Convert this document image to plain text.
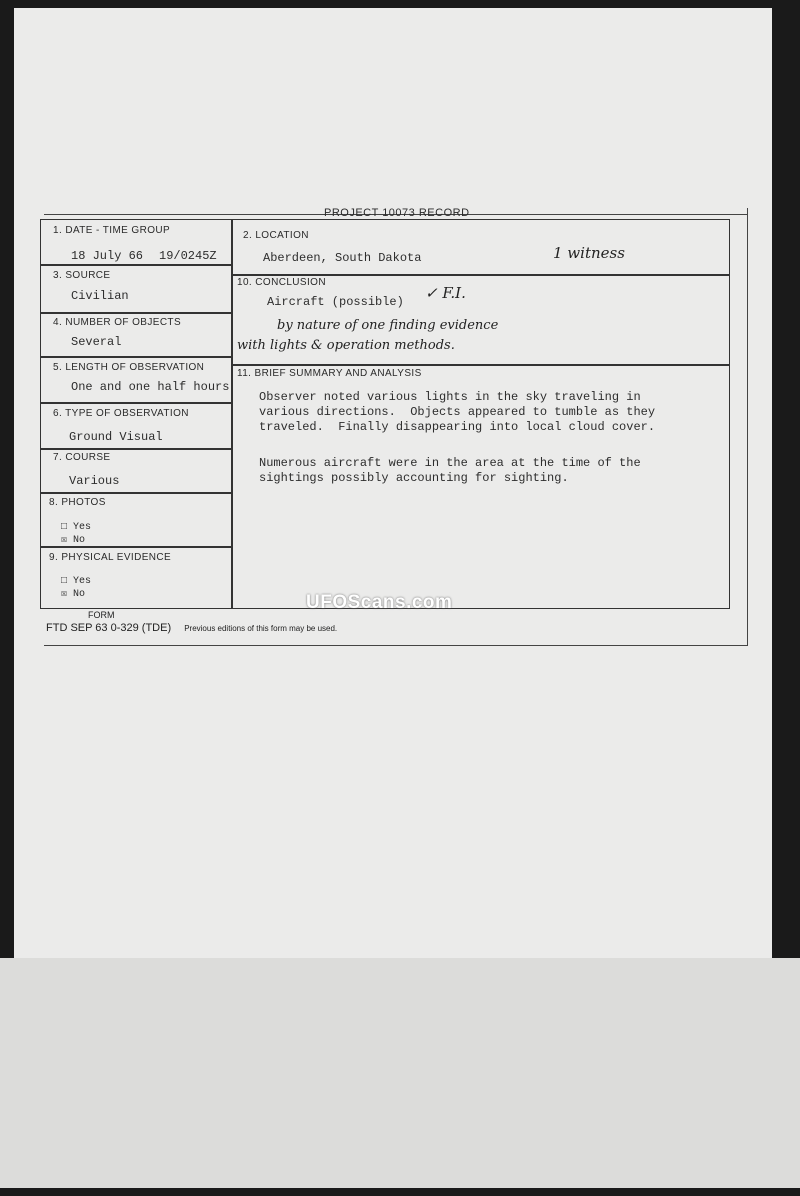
PROJECT 10073 RECORD
1. DATE - TIME GROUP
18 July 66 19/0245Z
3. SOURCE
Civilian
4. NUMBER OF OBJECTS
Several
5. LENGTH OF OBSERVATION
One and one half hours
6. TYPE OF OBSERVATION
Ground Visual
7. COURSE
Various
8. PHOTOS
□ Yes
☒ No
9. PHYSICAL EVIDENCE
□ Yes
☒ No
2. LOCATION
Aberdeen, South Dakota	1 witness
10. CONCLUSION
Aircraft (possible) ✓ F.I.
by nature of one finding evidence
with lights & operation methods.
11. BRIEF SUMMARY AND ANALYSIS
Observer noted various lights in the sky traveling in
various directions.  Objects appeared to tumble as they
traveled.  Finally disappearing into local cloud cover.
Numerous aircraft were in the area at the time of the
sightings possibly accounting for sighting.
FORM
FTD SEP 63 0-329 (TDE) Previous editions of this form may be used.
UFOScans.com
